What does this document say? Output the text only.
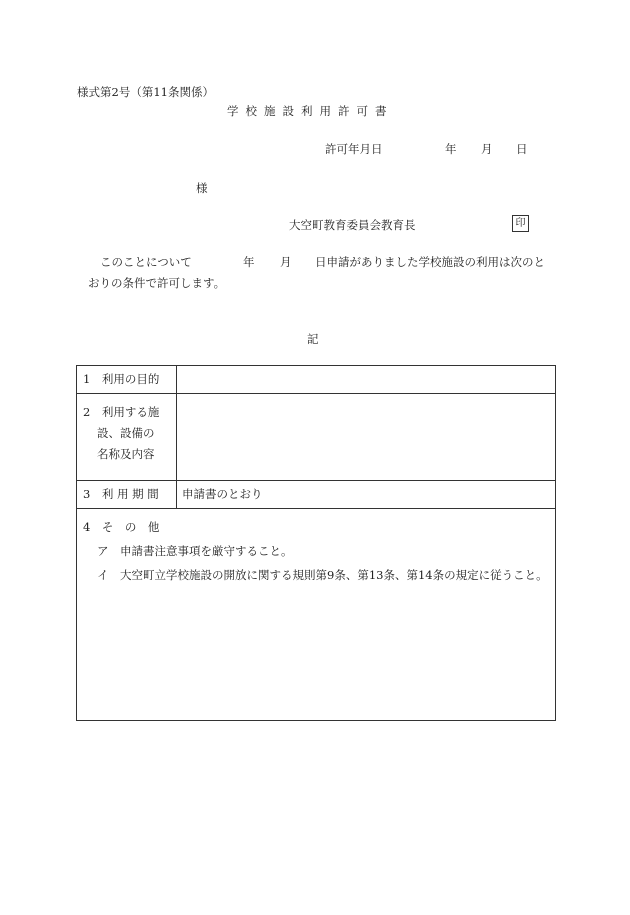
様式第2号（第11条関係）
学校施設利用許可書
許可年月日	年 月 日
様
大空町教育委員会教育長	印
このことについて	年 月 日申請がありました学校施設の利用は次のと
おりの条件で許可します。
記
1　利用の目的	

2　利用する施
設、設備の
名称及内容	

3　利 用 期 間	申請書のとおり

4　そ　の　他
ア　申請書注意事項を厳守すること。
イ　大空町立学校施設の開放に関する規則第9条、第13条、第14条の規定に従うこと。	
